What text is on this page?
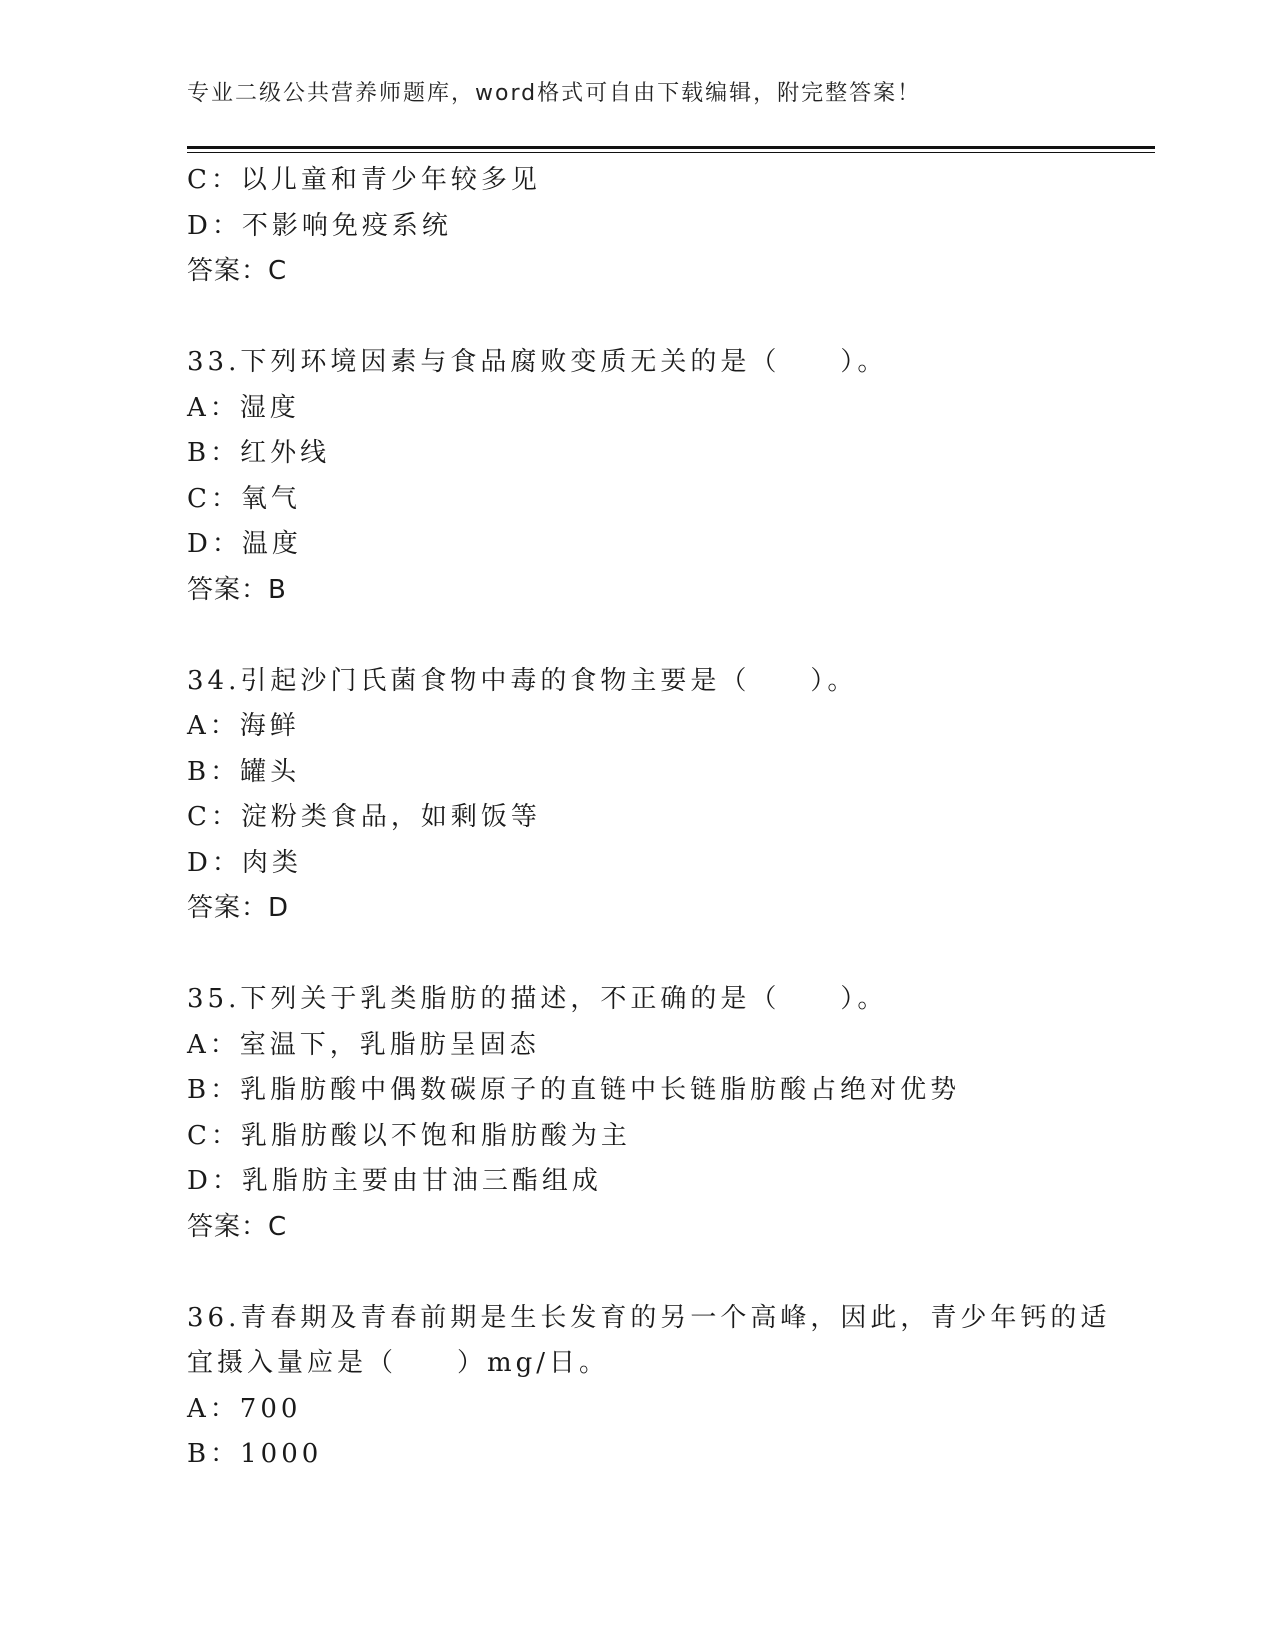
专业二级公共营养师题库，word格式可自由下载编辑，附完整答案！
C：以儿童和青少年较多见
D：不影响免疫系统
答案：C
33.下列环境因素与食品腐败变质无关的是（　　）。
A：湿度
B：红外线
C：氧气
D：温度
答案：B
34.引起沙门氏菌食物中毒的食物主要是（　　）。
A：海鲜
B：罐头
C：淀粉类食品，如剩饭等
D：肉类
答案：D
35.下列关于乳类脂肪的描述，不正确的是（　　）。
A：室温下，乳脂肪呈固态
B：乳脂肪酸中偶数碳原子的直链中长链脂肪酸占绝对优势
C：乳脂肪酸以不饱和脂肪酸为主
D：乳脂肪主要由甘油三酯组成
答案：C
36.青春期及青春前期是生长发育的另一个高峰，因此，青少年钙的适
宜摄入量应是（　　）mg/日。
A：700
B：1000
